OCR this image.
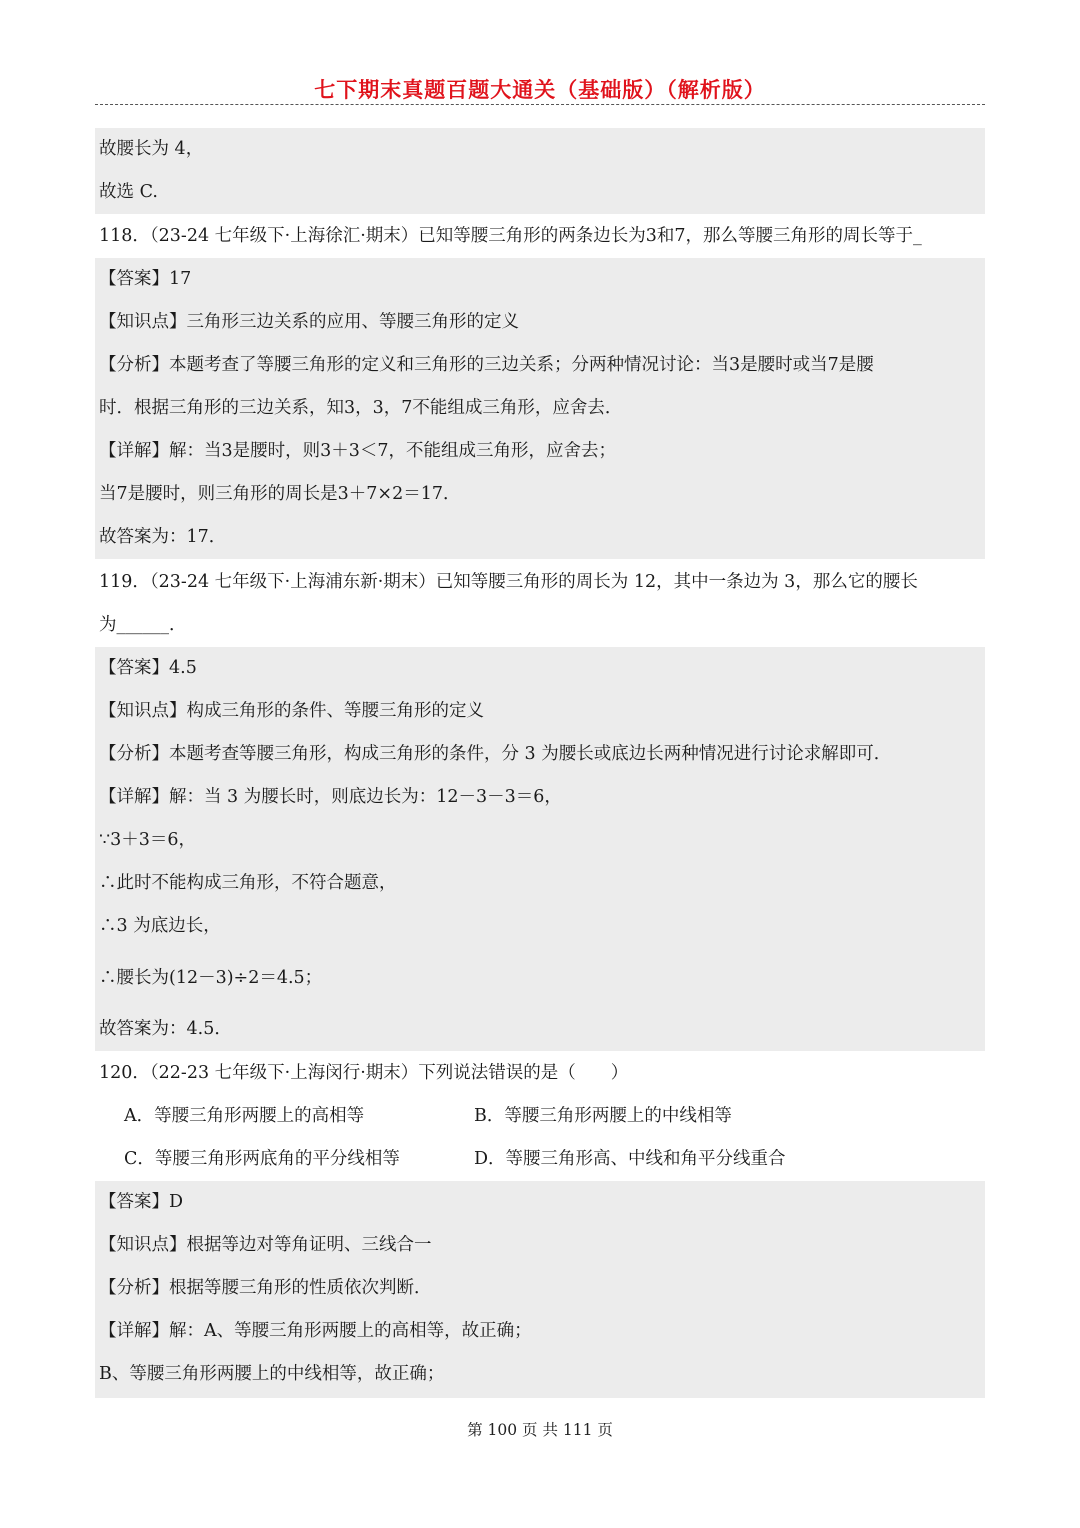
七下期末真题百题大通关（基础版）（解析版）
故腰长为 4，
故选 C.
118．（23-24 七年级下·上海徐汇·期末）已知等腰三角形的两条边长为3和7，那么等腰三角形的周长等于_
【答案】17
【知识点】三角形三边关系的应用、等腰三角形的定义
【分析】本题考查了等腰三角形的定义和三角形的三边关系；分两种情况讨论：当3是腰时或当7是腰
时．根据三角形的三边关系，知3，3，7不能组成三角形，应舍去．
【详解】解：当3是腰时，则3＋3＜7，不能组成三角形，应舍去；
当7是腰时，则三角形的周长是3＋7×2＝17．
故答案为：17．
119．（23-24 七年级下·上海浦东新·期末）已知等腰三角形的周长为 12，其中一条边为 3，那么它的腰长
为______．
【答案】4.5
【知识点】构成三角形的条件、等腰三角形的定义
【分析】本题考查等腰三角形，构成三角形的条件，分 3 为腰长或底边长两种情况进行讨论求解即可．
【详解】解：当 3 为腰长时，则底边长为：12－3－3＝6，
∵3＋3＝6，
∴此时不能构成三角形，不符合题意，
∴3 为底边长，
∴腰长为(12－3)÷2＝4.5；
故答案为：4.5．
120．（22-23 七年级下·上海闵行·期末）下列说法错误的是（　　）
A．等腰三角形两腰上的高相等	B．等腰三角形两腰上的中线相等
C．等腰三角形两底角的平分线相等	D．等腰三角形高、中线和角平分线重合
【答案】D
【知识点】根据等边对等角证明、三线合一
【分析】根据等腰三角形的性质依次判断．
【详解】解：A、等腰三角形两腰上的高相等，故正确；
B、等腰三角形两腰上的中线相等，故正确；
第 100 页 共 111 页
